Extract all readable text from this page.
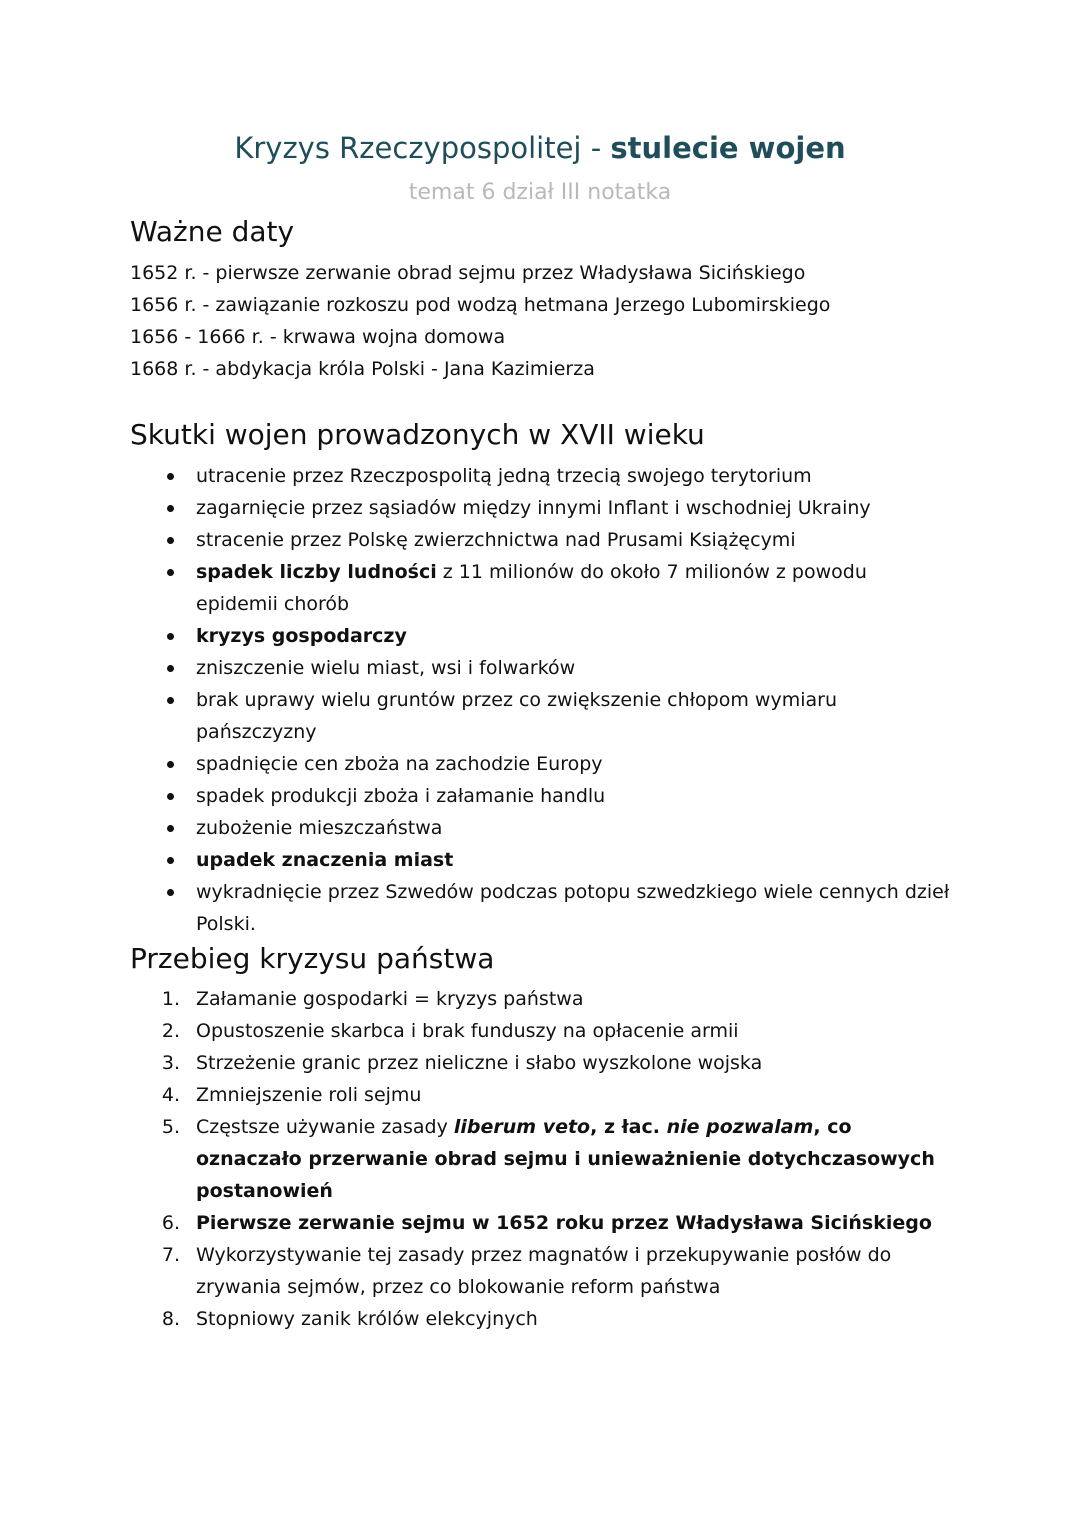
Kryzys Rzeczypospolitej - stulecie wojen
temat 6 dział III notatka
Ważne daty
1652 r. - pierwsze zerwanie obrad sejmu przez Władysława Sicińskiego
1656 r. - zawiązanie rozkoszu pod wodzą hetmana Jerzego Lubomirskiego
1656 - 1666 r. - krwawa wojna domowa
1668 r. - abdykacja króla Polski - Jana Kazimierza
Skutki wojen prowadzonych w XVII wieku
utracenie przez Rzeczpospolitą jedną trzecią swojego terytorium
zagarnięcie przez sąsiadów między innymi Inflant i wschodniej Ukrainy
stracenie przez Polskę zwierzchnictwa nad Prusami Książęcymi
spadek liczby ludności z 11 milionów do około 7 milionów z powodu epidemii chorób
kryzys gospodarczy
zniszczenie wielu miast, wsi i folwarków
brak uprawy wielu gruntów przez co zwiększenie chłopom wymiaru pańszczyzny
spadnięcie cen zboża na zachodzie Europy
spadek produkcji zboża i załamanie handlu
zubożenie mieszczaństwa
upadek znaczenia miast
wykradnięcie przez Szwedów podczas potopu szwedzkiego wiele cennych dzieł Polski.
Przebieg kryzysu państwa
1. Załamanie gospodarki = kryzys państwa
2. Opustoszenie skarbca i brak funduszy na opłacenie armii
3. Strzeżenie granic przez nieliczne i słabo wyszkolone wojska
4. Zmniejszenie roli sejmu
5. Częstsze używanie zasady liberum veto, z łac. nie pozwalam, co oznaczało przerwanie obrad sejmu i unieważnienie dotychczasowych postanowień
6. Pierwsze zerwanie sejmu w 1652 roku przez Władysława Sicińskiego
7. Wykorzystywanie tej zasady przez magnatów i przekupywanie posłów do zrywania sejmów, przez co blokowanie reform państwa
8. Stopniowy zanik królów elekcyjnych
